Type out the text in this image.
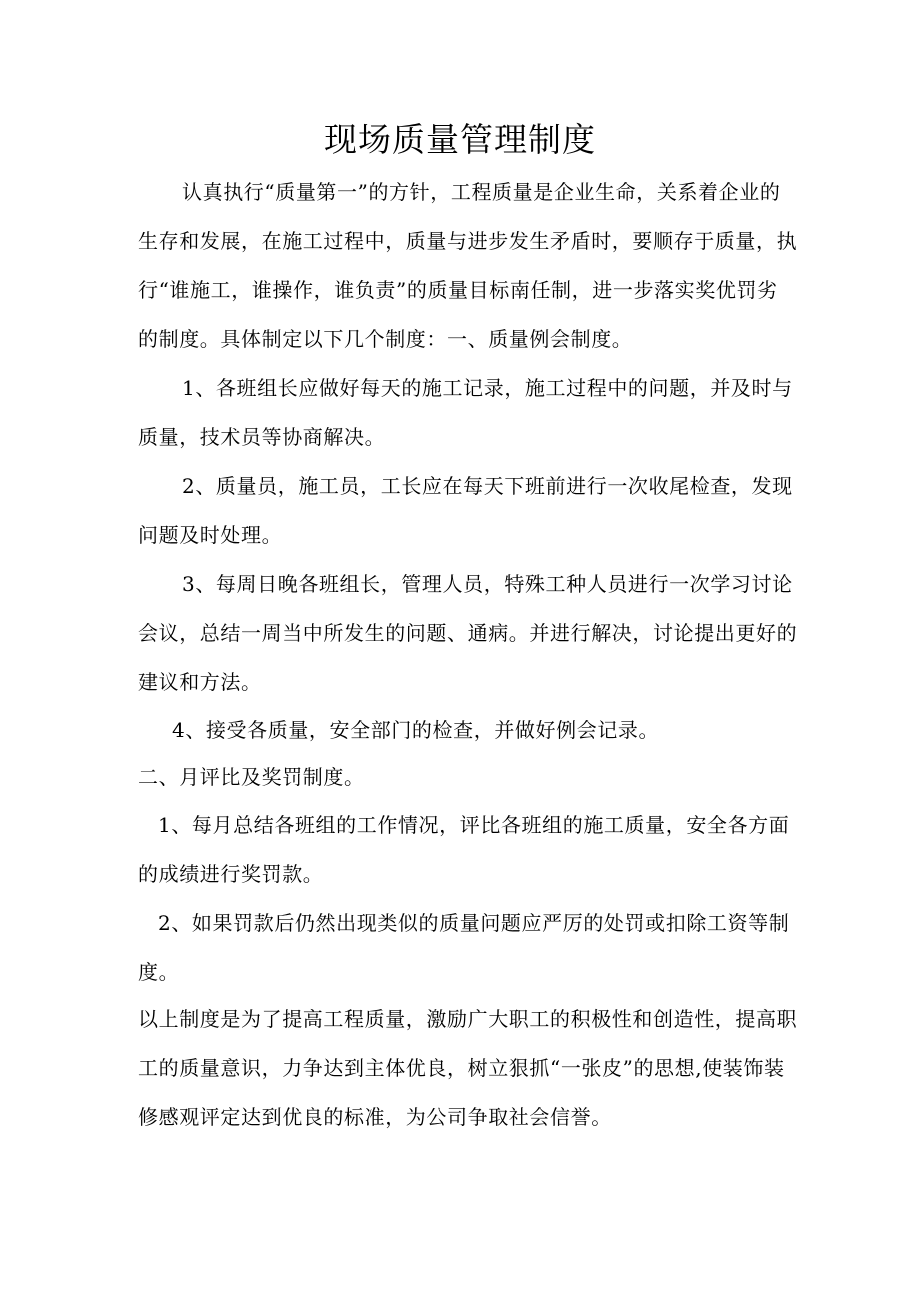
现场质量管理制度
认真执行“质量第一”的方针，工程质量是企业生命，关系着企业的
生存和发展，在施工过程中，质量与进步发生矛盾时，要顺存于质量，执
行“谁施工，谁操作，谁负责”的质量目标南任制，进一步落实奖优罚劣
的制度。具体制定以下几个制度：一、质量例会制度。
1、各班组长应做好每天的施工记录，施工过程中的问题，并及时与
质量，技术员等协商解决。
2、质量员，施工员，工长应在每天下班前进行一次收尾检查，发现
问题及时处理。
3、每周日晚各班组长，管理人员，特殊工种人员进行一次学习讨论
会议，总结一周当中所发生的问题、通病。并进行解决，讨论提出更好的
建议和方法。
4、接受各质量，安全部门的检查，并做好例会记录。
二、月评比及奖罚制度。
1、每月总结各班组的工作情况，评比各班组的施工质量，安全各方面
的成绩进行奖罚款。
2、如果罚款后仍然出现类似的质量问题应严厉的处罚或扣除工资等制
度。
以上制度是为了提高工程质量，激励广大职工的积极性和创造性，提高职
工的质量意识，力争达到主体优良，树立狠抓“一张皮”的思想,使装饰装
修感观评定达到优良的标准，为公司争取社会信誉。
